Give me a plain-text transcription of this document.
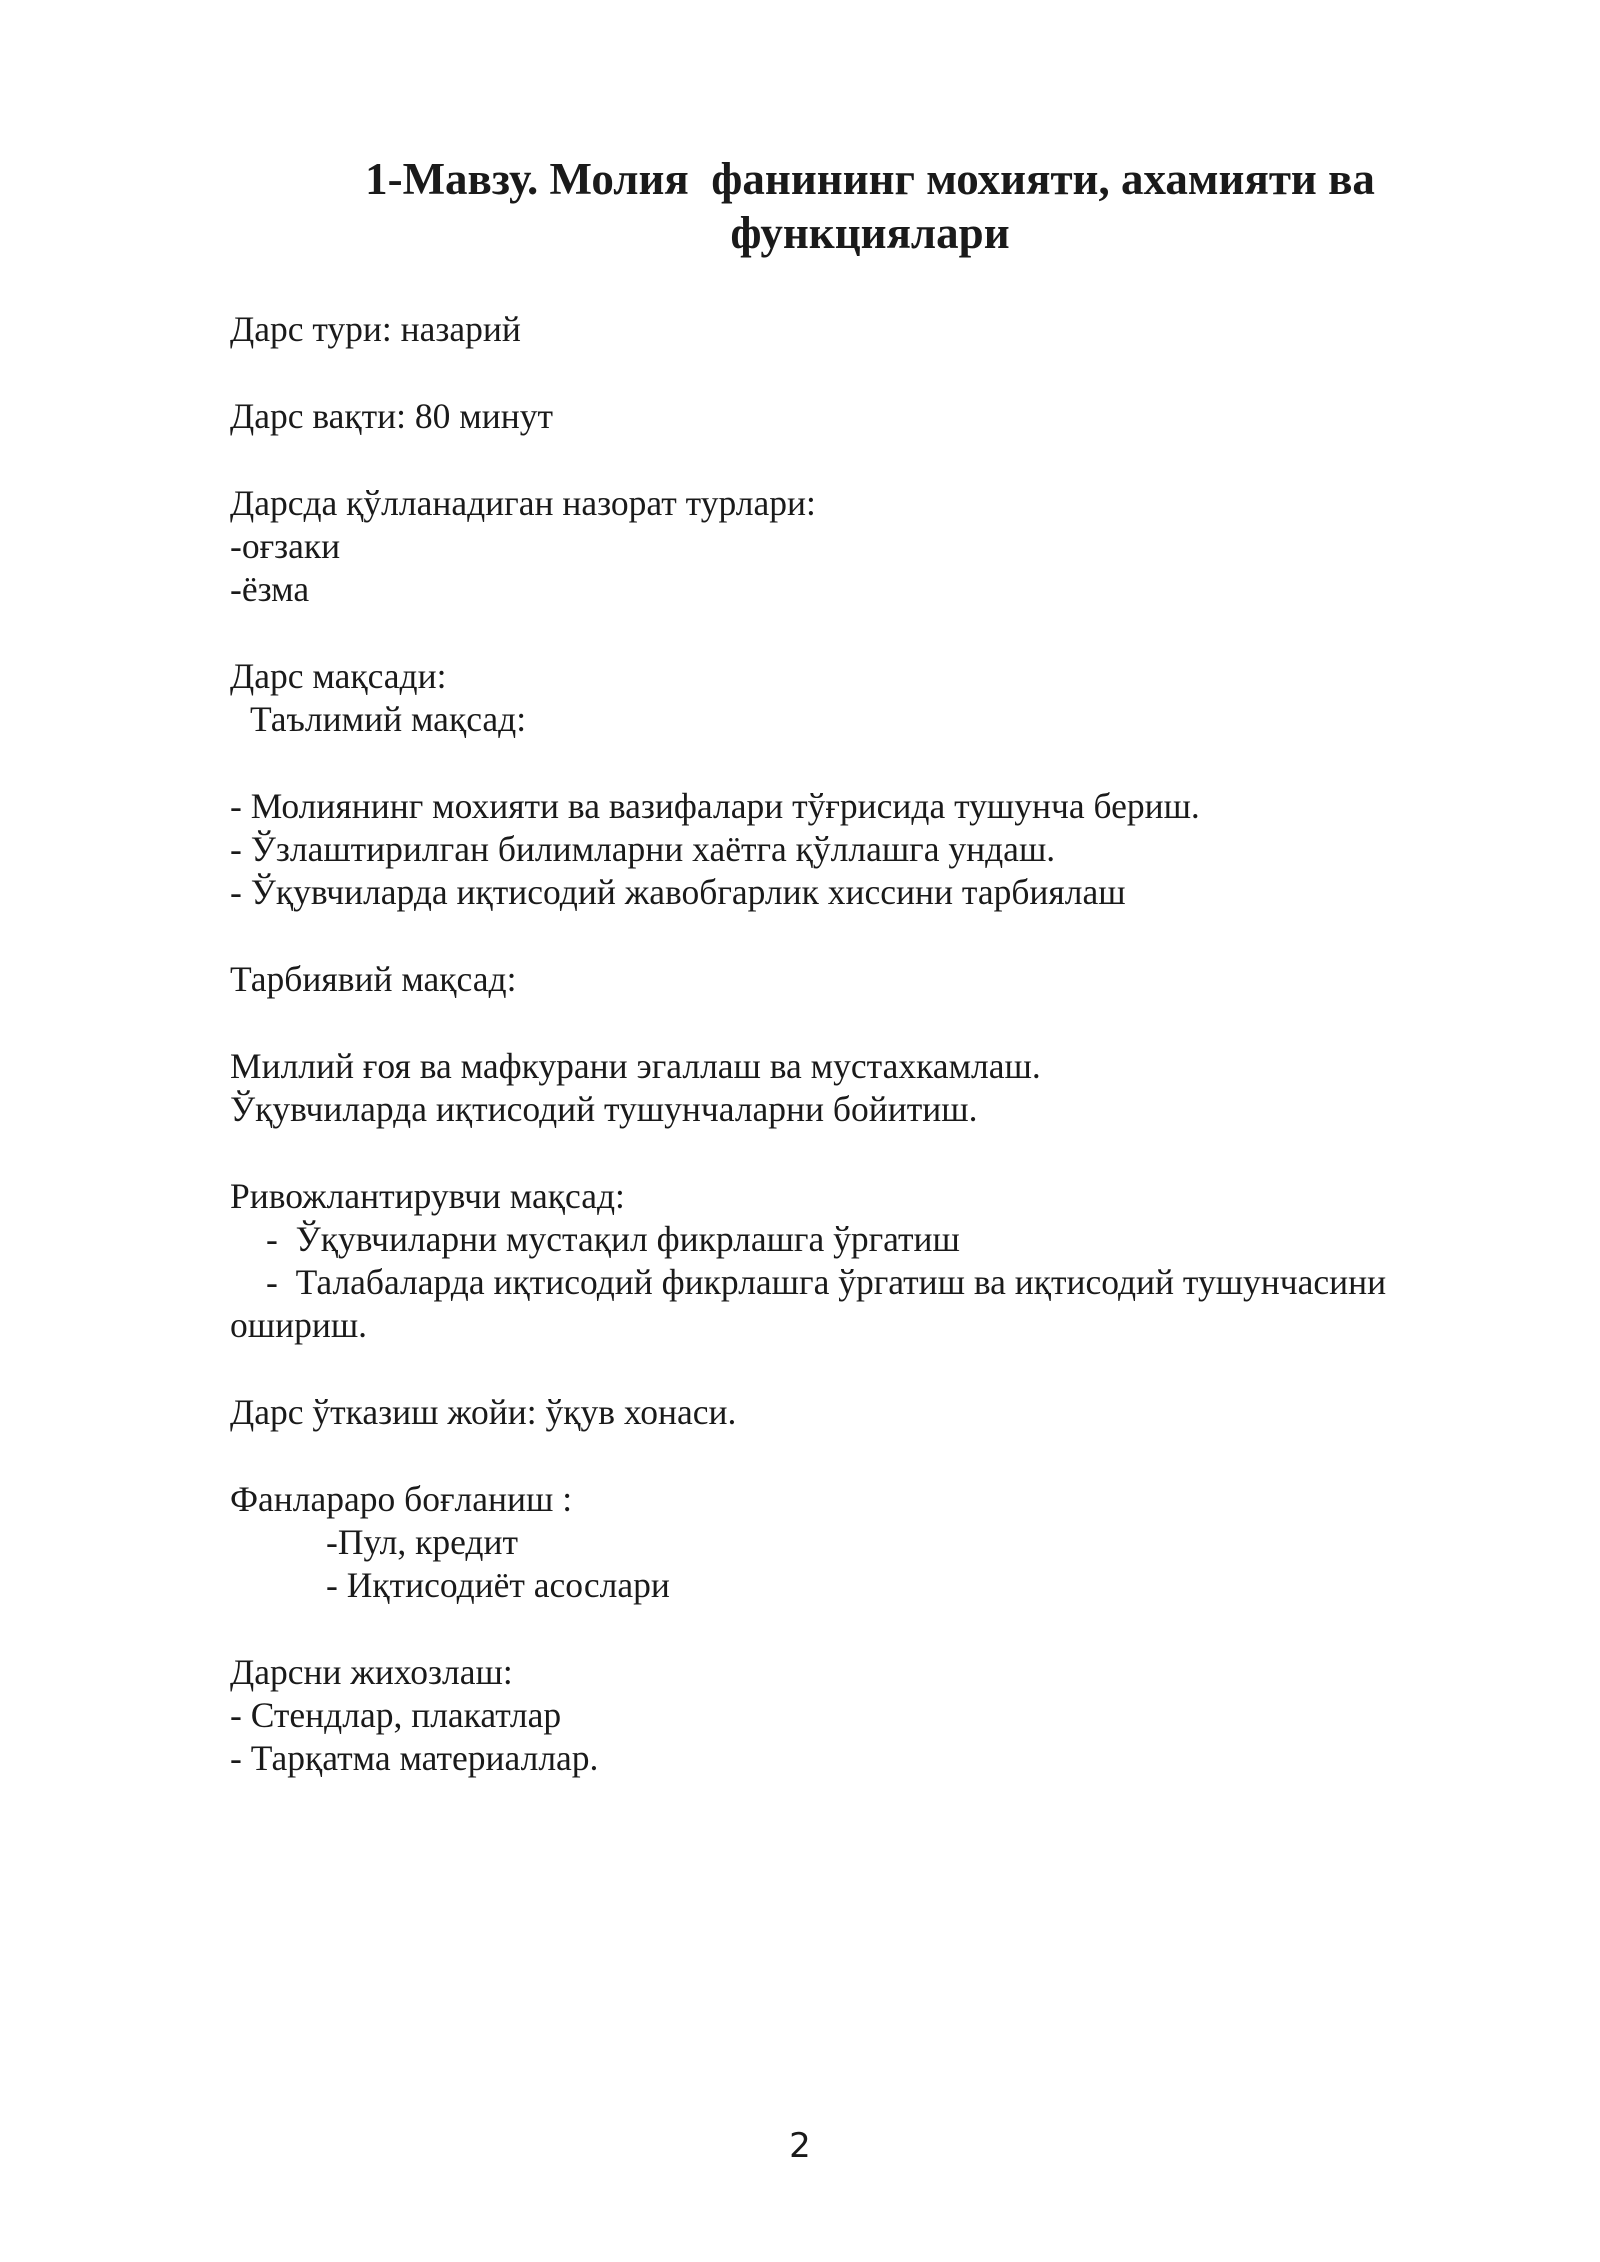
1-Мавзу. Молия  фанининг мохияти, ахамияти ва
функциялари
Дарс тури: назарий
Дарс вақти: 80 минут
Дарсда қўлланадиган назорат турлари:
-оғзаки
-ёзма
Дарс мақсади:
Таълимий мақсад:
- Молиянинг мохияти ва вазифалари тўғрисида тушунча бериш.
- Ўзлаштирилган билимларни хаётга қўллашга ундаш.
- Ўқувчиларда иқтисодий жавобгарлик хиссини тарбиялаш
Тарбиявий мақсад:
Миллий ғоя ва мафкурани эгаллаш ва мустахкамлаш.
Ўқувчиларда иқтисодий тушунчаларни бойитиш.
Ривожлантирувчи мақсад:
-  Ўқувчиларни мустақил фикрлашга ўргатиш
-  Талабаларда иқтисодий фикрлашга ўргатиш ва иқтисодий тушунчасини
ошириш.
Дарс ўтказиш жойи: ўқув хонаси.
Фанлараро боғланиш :
-Пул, кредит
- Иқтисодиёт асослари
Дарсни жихозлаш:
- Стендлар, плакатлар
- Тарқатма материаллар.
2
